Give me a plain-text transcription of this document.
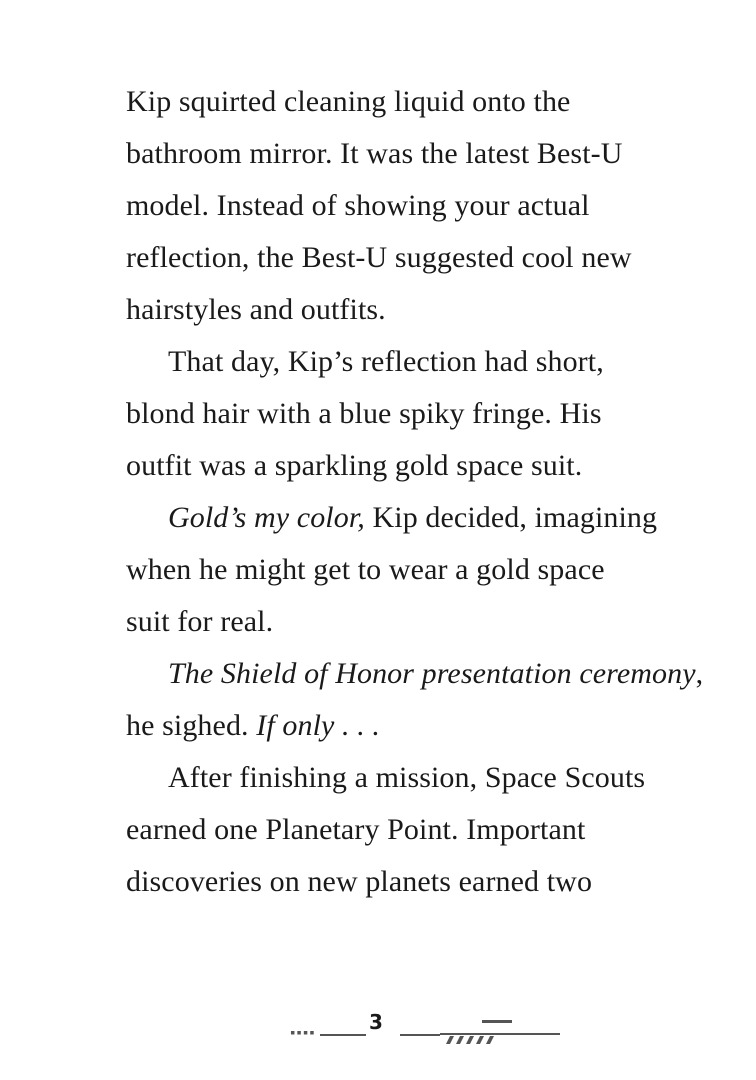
Kip squirted cleaning liquid onto the

bathroom mirror. It was the latest Best-U

model. Instead of showing your actual

reflection, the Best-U suggested cool new

hairstyles and outfits.

That day, Kip’s reflection had short,

blond hair with a blue spiky fringe. His

outfit was a sparkling gold space suit.

Gold’s my color, Kip decided, imagining

when he might get to wear a gold space

suit for real.

The Shield of Honor presentation ceremony,

he sighed. If only . . .

After finishing a mission, Space Scouts

earned one Planetary Point. Important

discoveries on new planets earned two

▪▪▪▪	3
